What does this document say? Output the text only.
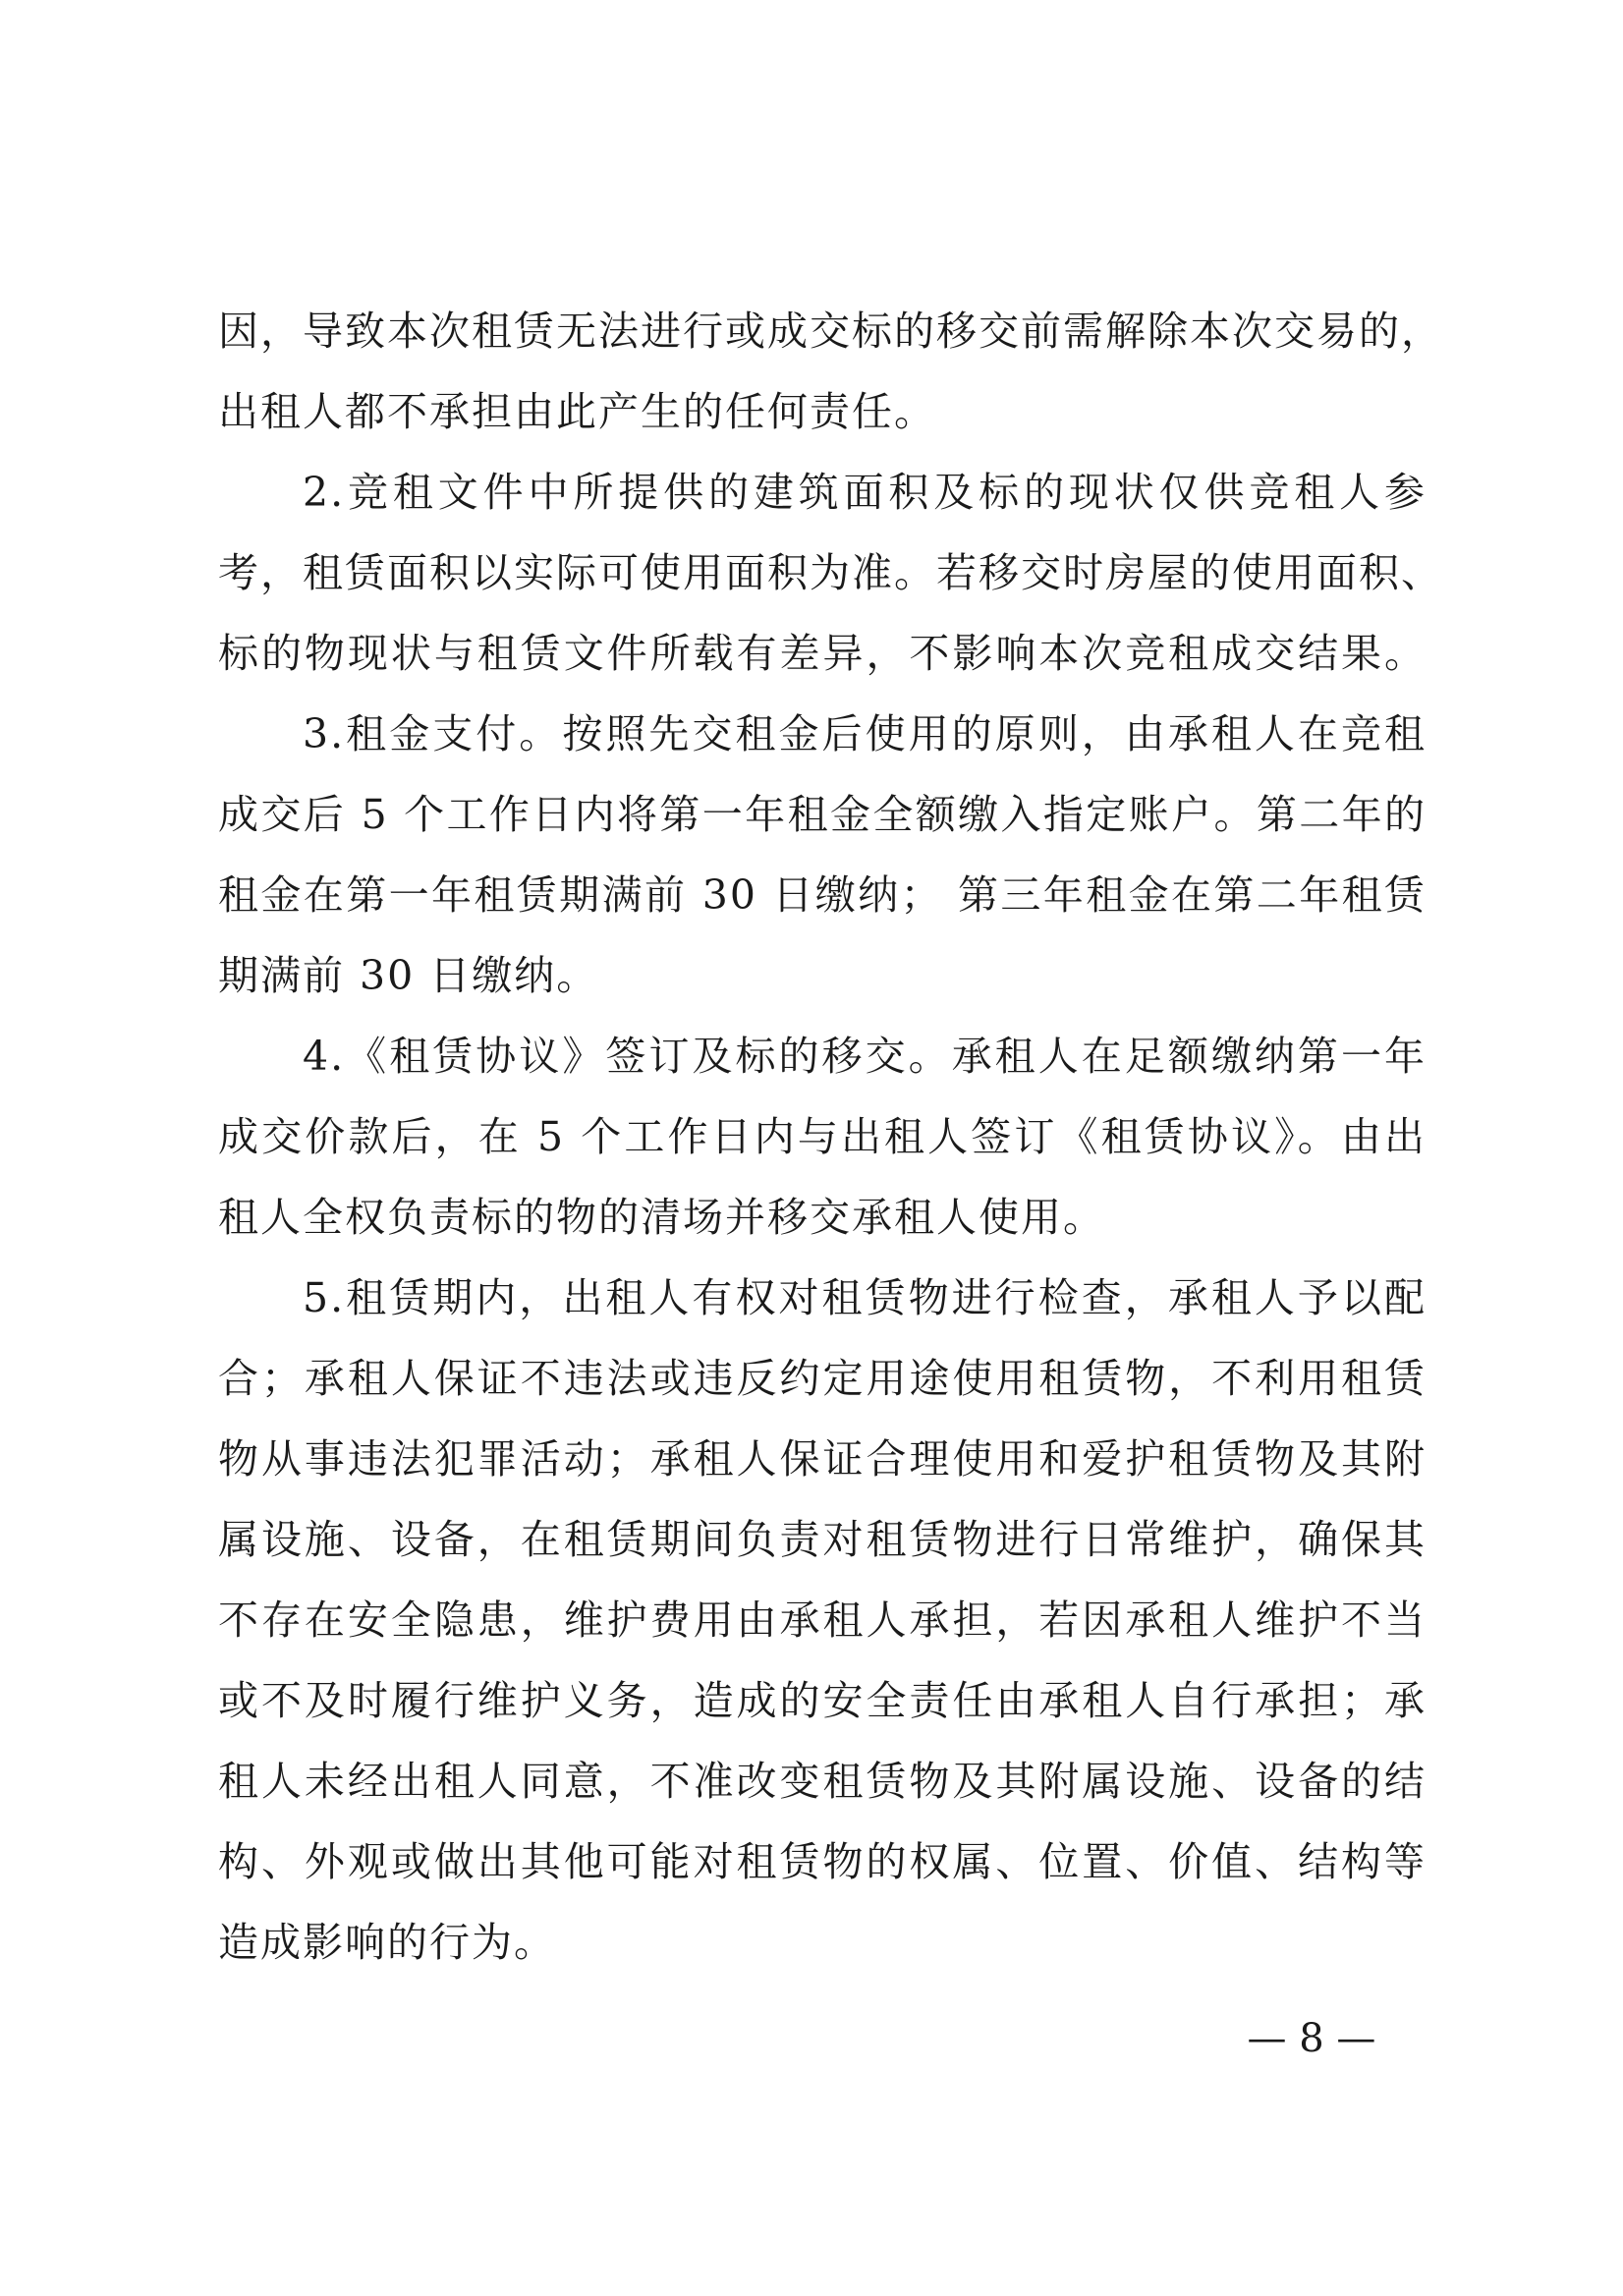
因，导致本次租赁无法进行或成交标的移交前需解除本次交易的，
出租人都不承担由此产生的任何责任。
2.竞租文件中所提供的建筑面积及标的现状仅供竞租人参
考，租赁面积以实际可使用面积为准。若移交时房屋的使用面积、
标的物现状与租赁文件所载有差异，不影响本次竞租成交结果。
3.租金支付。按照先交租金后使用的原则，由承租人在竞租
成交后 5 个工作日内将第一年租金全额缴入指定账户。第二年的
租金在第一年租赁期满前 30 日缴纳； 第三年租金在第二年租赁
期满前 30 日缴纳。
4.《租赁协议》签订及标的移交。承租人在足额缴纳第一年
成交价款后，在 5 个工作日内与出租人签订《租赁协议》。由出
租人全权负责标的物的清场并移交承租人使用。
5.租赁期内，出租人有权对租赁物进行检查，承租人予以配
合；承租人保证不违法或违反约定用途使用租赁物，不利用租赁
物从事违法犯罪活动；承租人保证合理使用和爱护租赁物及其附
属设施、设备，在租赁期间负责对租赁物进行日常维护，确保其
不存在安全隐患，维护费用由承租人承担，若因承租人维护不当
或不及时履行维护义务，造成的安全责任由承租人自行承担；承
租人未经出租人同意，不准改变租赁物及其附属设施、设备的结
构、外观或做出其他可能对租赁物的权属、位置、价值、结构等
造成影响的行为。
— 8 —
